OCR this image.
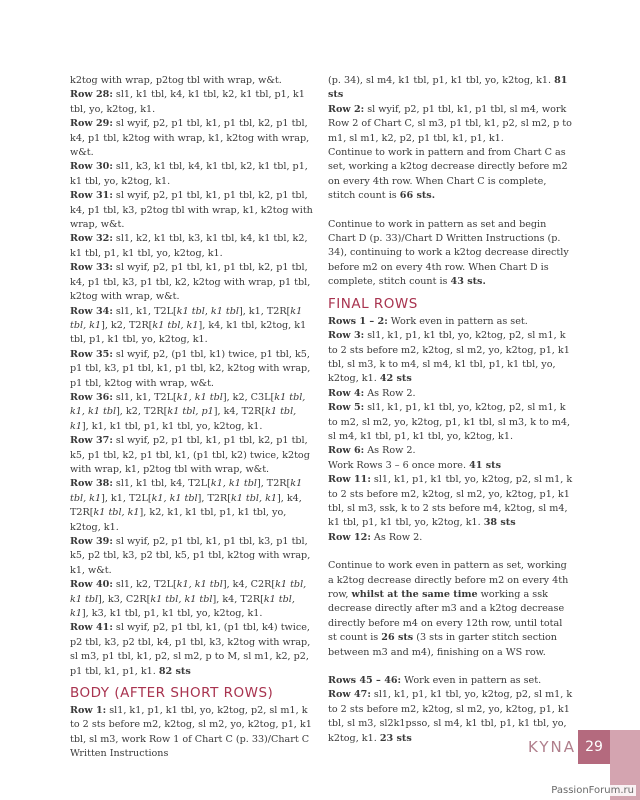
k2tog with wrap, p2tog tbl with wrap, w&t.

Row 28: sl1, k1 tbl, k4, k1 tbl, k2, k1 tbl, p1, k1 tbl, yo, k2tog, k1.

Row 29: sl wyif, p2, p1 tbl, k1, p1 tbl, k2, p1 tbl, k4, p1 tbl, k2tog with wrap, k1, k2tog with wrap, w&t.

Row 30: sl1, k3, k1 tbl, k4, k1 tbl, k2, k1 tbl, p1, k1 tbl, yo, k2tog, k1.

Row 31: sl wyif, p2, p1 tbl, k1, p1 tbl, k2, p1 tbl, k4, p1 tbl, k3, p2tog tbl with wrap, k1, k2tog with wrap, w&t.

Row 32: sl1, k2, k1 tbl, k3, k1 tbl, k4, k1 tbl, k2, k1 tbl, p1, k1 tbl, yo, k2tog, k1.

Row 33: sl wyif, p2, p1 tbl, k1, p1 tbl, k2, p1 tbl, k4, p1 tbl, k3, p1 tbl, k2, k2tog with wrap, p1 tbl, k2tog with wrap, w&t.

Row 34: sl1, k1, T2L[k1 tbl, k1 tbl], k1, T2R[k1 tbl, k1], k2, T2R[k1 tbl, k1], k4, k1 tbl, k2tog, k1 tbl, p1, k1 tbl, yo, k2tog, k1.

Row 35: sl wyif, p2, (p1 tbl, k1) twice, p1 tbl, k5, p1 tbl, k3, p1 tbl, k1, p1 tbl, k2, k2tog with wrap, p1 tbl, k2tog with wrap, w&t.

Row 36: sl1, k1, T2L[k1, k1 tbl], k2, C3L[k1 tbl, k1, k1 tbl], k2, T2R[k1 tbl, p1], k4, T2R[k1 tbl, k1], k1, k1 tbl, p1, k1 tbl, yo, k2tog, k1.

Row 37: sl wyif, p2, p1 tbl, k1, p1 tbl, k2, p1 tbl, k5, p1 tbl, k2, p1 tbl, k1, (p1 tbl, k2) twice, k2tog with wrap, k1, p2tog tbl with wrap, w&t.

Row 38: sl1, k1 tbl, k4, T2L[k1, k1 tbl], T2R[k1 tbl, k1], k1, T2L[k1, k1 tbl], T2R[k1 tbl, k1], k4, T2R[k1 tbl, k1], k2, k1, k1 tbl, p1, k1 tbl, yo, k2tog, k1.

Row 39: sl wyif, p2, p1 tbl, k1, p1 tbl, k3, p1 tbl, k5, p2 tbl, k3, p2 tbl, k5, p1 tbl, k2tog with wrap, k1, w&t.

Row 40: sl1, k2, T2L[k1, k1 tbl], k4, C2R[k1 tbl, k1 tbl], k3, C2R[k1 tbl, k1 tbl], k4, T2R[k1 tbl, k1], k3, k1 tbl, p1, k1 tbl, yo, k2tog, k1.

Row 41: sl wyif, p2, p1 tbl, k1, (p1 tbl, k4) twice, p2 tbl, k3, p2 tbl, k4, p1 tbl, k3, k2tog with wrap, sl m3, p1 tbl, k1, p2, sl m2, p to M, sl m1, k2, p2, p1 tbl, k1, p1, k1. 82 sts

BODY (AFTER SHORT ROWS)

Row 1: sl1, k1, p1, k1 tbl, yo, k2tog, p2, sl m1, k to 2 sts before m2, k2tog, sl m2, yo, k2tog, p1, k1 tbl, sl m3, work Row 1 of Chart C (p. 33)/Chart C Written Instructions

(p. 34), sl m4, k1 tbl, p1, k1 tbl, yo, k2tog, k1. 81 sts

Row 2: sl wyif, p2, p1 tbl, k1, p1 tbl, sl m4, work Row 2 of Chart C, sl m3, p1 tbl, k1, p2, sl m2, p to m1, sl m1, k2, p2, p1 tbl, k1, p1, k1.

Continue to work in pattern and from Chart C as set, working a k2tog decrease directly before m2 on every 4th row. When Chart C is complete, stitch count is 66 sts.

Continue to work in pattern as set and begin Chart D (p. 33)/Chart D Written Instructions (p. 34), continuing to work a k2tog decrease directly before m2 on every 4th row. When Chart D is complete, stitch count is 43 sts.

FINAL ROWS

Rows 1 – 2: Work even in pattern as set.

Row 3: sl1, k1, p1, k1 tbl, yo, k2tog, p2, sl m1, k to 2 sts before m2, k2tog, sl m2, yo, k2tog, p1, k1 tbl, sl m3, k to m4, sl m4, k1 tbl, p1, k1 tbl, yo, k2tog, k1. 42 sts

Row 4: As Row 2.

Row 5: sl1, k1, p1, k1 tbl, yo, k2tog, p2, sl m1, k to m2, sl m2, yo, k2tog, p1, k1 tbl, sl m3, k to m4, sl m4, k1 tbl, p1, k1 tbl, yo, k2tog, k1.

Row 6: As Row 2.

Work Rows 3 – 6 once more. 41 sts

Row 11: sl1, k1, p1, k1 tbl, yo, k2tog, p2, sl m1, k to 2 sts before m2, k2tog, sl m2, yo, k2tog, p1, k1 tbl, sl m3, ssk, k to 2 sts before m4, k2tog, sl m4, k1 tbl, p1, k1 tbl, yo, k2tog, k1. 38 sts

Row 12: As Row 2.

Continue to work even in pattern as set, working a k2tog decrease directly before m2 on every 4th row, whilst at the same time working a ssk decrease directly after m3 and a k2tog decrease directly before m4 on every 12th row, until total st count is 26 sts (3 sts in garter stitch section between m3 and m4), finishing on a WS row.

Rows 45 – 46: Work even in pattern as set.

Row 47: sl1, k1, p1, k1 tbl, yo, k2tog, p2, sl m1, k to 2 sts before m2, k2tog, sl m2, yo, k2tog, p1, k1 tbl, sl m3, sl2k1psso, sl m4, k1 tbl, p1, k1 tbl, yo, k2tog, k1. 23 sts	KYNA 29
PassionForum.ru
